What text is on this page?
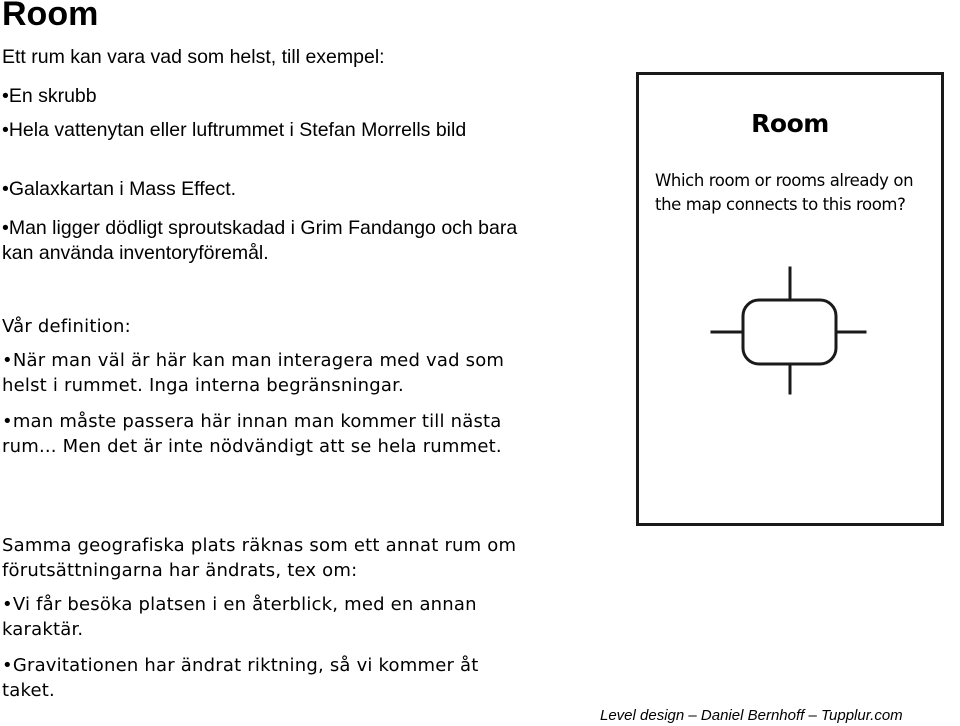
Room

Ett rum kan vara vad som helst, till exempel:

• En skrubb

• Hela vattenytan eller luftrummet i Stefan Morrells bild

• Galaxkartan i Mass Effect.

• Man ligger dödligt sproutskadad i Grim Fandango och bara kan använda inventoryföremål.

Vår definition:

• När man väl är här kan man interagera med vad som helst i rummet. Inga interna begränsningar.

• man måste passera här innan man kommer till nästa rum... Men det är inte nödvändigt att se hela rummet.

Samma geografiska plats räknas som ett annat rum om förutsättningarna har ändrats, tex om:

• Vi får besöka platsen i en återblick, med en annan karaktär.

• Gravitationen har ändrat riktning, så vi kommer åt taket.

Room

Which room or rooms already on the map connects to this room?

Level design – Daniel Bernhoff – Tupplur.com
